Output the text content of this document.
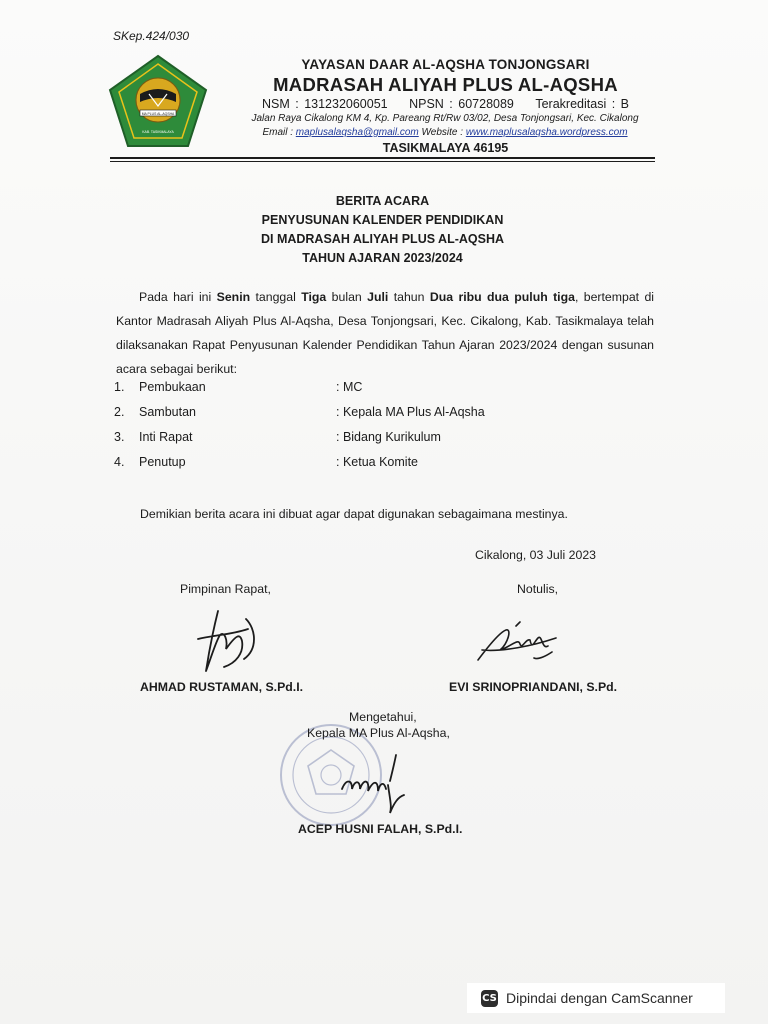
SKep.424/030
MA PLUS AL-AQSHA
KAB. TASIKMALAYA
YAYASAN DAAR AL-AQSHA TONJONGSARI
MADRASAH ALIYAH PLUS AL-AQSHA
NSM : 131232060051 NPSN : 60728089 Terakreditasi : B
Jalan Raya Cikalong KM 4, Kp. Pareang Rt/Rw 03/02, Desa Tonjongsari, Kec. Cikalong
Email : maplusalaqsha@gmail.com Website : www.maplusalaqsha.wordpress.com
TASIKMALAYA 46195
BERITA ACARA
PENYUSUNAN KALENDER PENDIDIKAN
DI MADRASAH ALIYAH PLUS AL-AQSHA
TAHUN AJARAN 2023/2024
Pada hari ini Senin tanggal Tiga bulan Juli tahun Dua ribu dua puluh tiga, bertempat di Kantor Madrasah Aliyah Plus Al-Aqsha, Desa Tonjongsari, Kec. Cikalong, Kab. Tasikmalaya telah dilaksanakan Rapat Penyusunan Kalender Pendidikan Tahun Ajaran 2023/2024 dengan susunan acara sebagai berikut:
1. Pembukaan	: MC
2. Sambutan	: Kepala MA Plus Al-Aqsha
3. Inti Rapat	: Bidang Kurikulum
4. Penutup	: Ketua Komite
Demikian berita acara ini dibuat agar dapat digunakan sebagaimana mestinya.
Cikalong, 03 Juli 2023
Pimpinan Rapat,	Notulis,
AHMAD RUSTAMAN, S.Pd.I.	EVI SRINOPRIANDANI, S.Pd.
Mengetahui,
Kepala MA Plus Al-Aqsha,
ACEP HUSNI FALAH, S.Pd.I.
CS Dipindai dengan CamScanner
